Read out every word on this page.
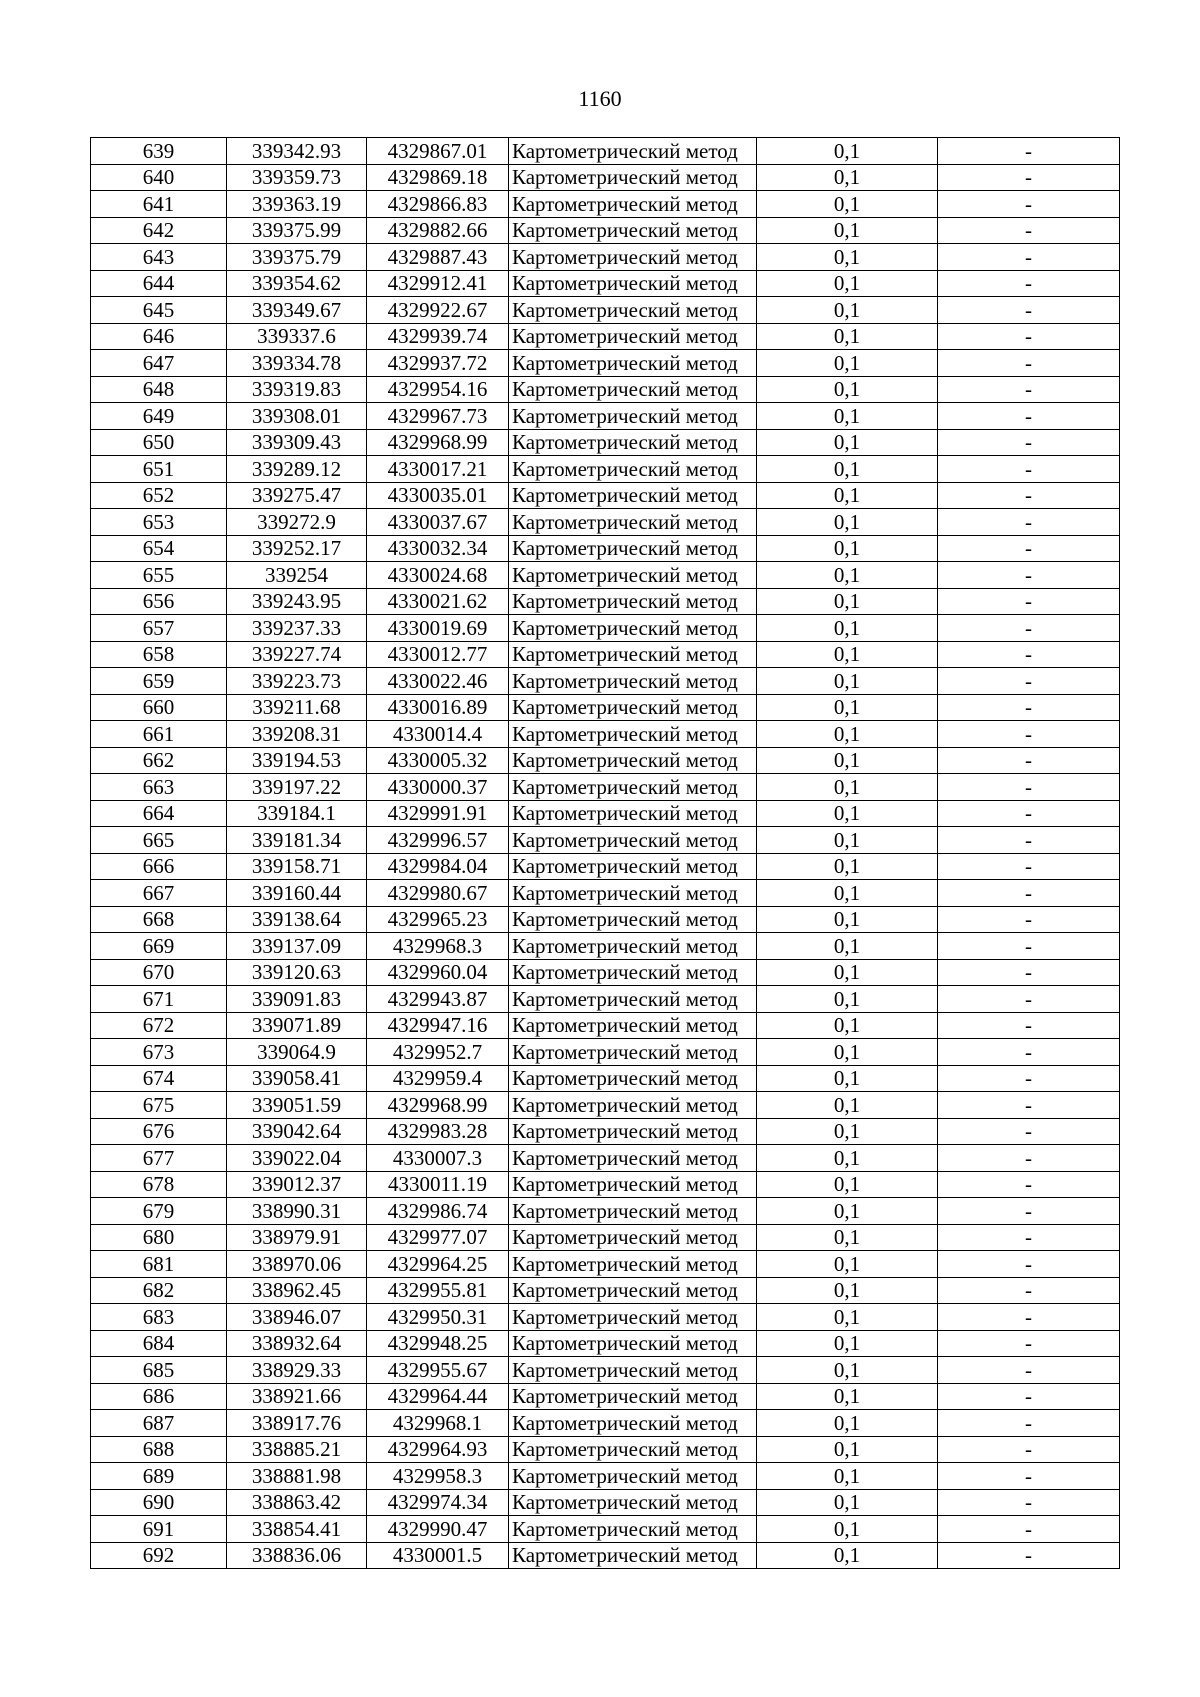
1160
639	339342.93	4329867.01	Картометрический метод	0,1	-
640	339359.73	4329869.18	Картометрический метод	0,1	-
641	339363.19	4329866.83	Картометрический метод	0,1	-
642	339375.99	4329882.66	Картометрический метод	0,1	-
643	339375.79	4329887.43	Картометрический метод	0,1	-
644	339354.62	4329912.41	Картометрический метод	0,1	-
645	339349.67	4329922.67	Картометрический метод	0,1	-
646	339337.6	4329939.74	Картометрический метод	0,1	-
647	339334.78	4329937.72	Картометрический метод	0,1	-
648	339319.83	4329954.16	Картометрический метод	0,1	-
649	339308.01	4329967.73	Картометрический метод	0,1	-
650	339309.43	4329968.99	Картометрический метод	0,1	-
651	339289.12	4330017.21	Картометрический метод	0,1	-
652	339275.47	4330035.01	Картометрический метод	0,1	-
653	339272.9	4330037.67	Картометрический метод	0,1	-
654	339252.17	4330032.34	Картометрический метод	0,1	-
655	339254	4330024.68	Картометрический метод	0,1	-
656	339243.95	4330021.62	Картометрический метод	0,1	-
657	339237.33	4330019.69	Картометрический метод	0,1	-
658	339227.74	4330012.77	Картометрический метод	0,1	-
659	339223.73	4330022.46	Картометрический метод	0,1	-
660	339211.68	4330016.89	Картометрический метод	0,1	-
661	339208.31	4330014.4	Картометрический метод	0,1	-
662	339194.53	4330005.32	Картометрический метод	0,1	-
663	339197.22	4330000.37	Картометрический метод	0,1	-
664	339184.1	4329991.91	Картометрический метод	0,1	-
665	339181.34	4329996.57	Картометрический метод	0,1	-
666	339158.71	4329984.04	Картометрический метод	0,1	-
667	339160.44	4329980.67	Картометрический метод	0,1	-
668	339138.64	4329965.23	Картометрический метод	0,1	-
669	339137.09	4329968.3	Картометрический метод	0,1	-
670	339120.63	4329960.04	Картометрический метод	0,1	-
671	339091.83	4329943.87	Картометрический метод	0,1	-
672	339071.89	4329947.16	Картометрический метод	0,1	-
673	339064.9	4329952.7	Картометрический метод	0,1	-
674	339058.41	4329959.4	Картометрический метод	0,1	-
675	339051.59	4329968.99	Картометрический метод	0,1	-
676	339042.64	4329983.28	Картометрический метод	0,1	-
677	339022.04	4330007.3	Картометрический метод	0,1	-
678	339012.37	4330011.19	Картометрический метод	0,1	-
679	338990.31	4329986.74	Картометрический метод	0,1	-
680	338979.91	4329977.07	Картометрический метод	0,1	-
681	338970.06	4329964.25	Картометрический метод	0,1	-
682	338962.45	4329955.81	Картометрический метод	0,1	-
683	338946.07	4329950.31	Картометрический метод	0,1	-
684	338932.64	4329948.25	Картометрический метод	0,1	-
685	338929.33	4329955.67	Картометрический метод	0,1	-
686	338921.66	4329964.44	Картометрический метод	0,1	-
687	338917.76	4329968.1	Картометрический метод	0,1	-
688	338885.21	4329964.93	Картометрический метод	0,1	-
689	338881.98	4329958.3	Картометрический метод	0,1	-
690	338863.42	4329974.34	Картометрический метод	0,1	-
691	338854.41	4329990.47	Картометрический метод	0,1	-
692	338836.06	4330001.5	Картометрический метод	0,1	-
